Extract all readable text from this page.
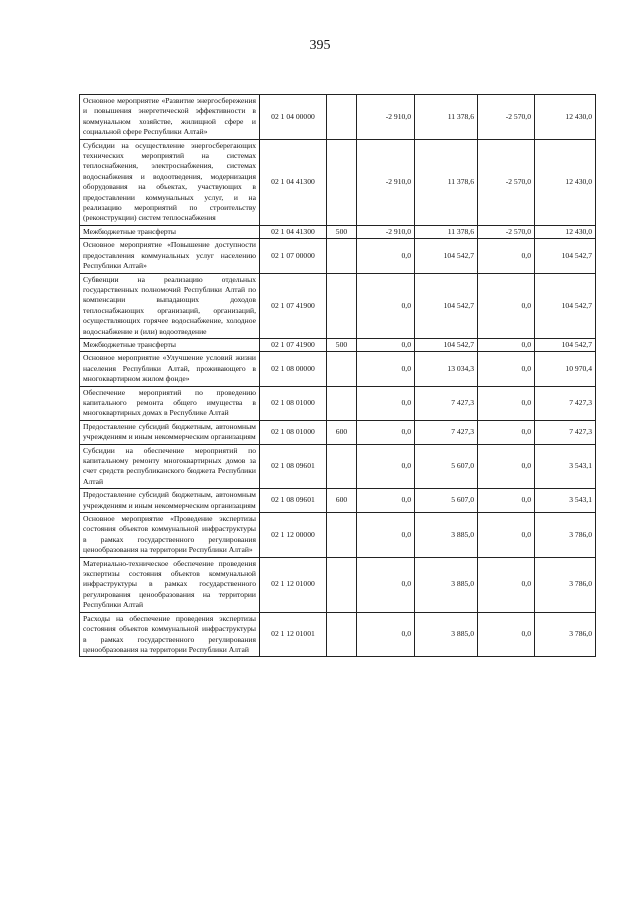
395
Основное мероприятие «Развитие энергосбережения и повышения энергетической эффективности в коммунальном хозяйстве, жилищной сфере и социальной сфере Республики Алтай»	02 1 04 00000		-2 910,0	11 378,6	-2 570,0	12 430,0
Субсидии на осуществление энергосберегающих технических мероприятий на системах теплоснабжения, электроснабжения, системах водоснабжения и водоотведения, модернизация оборудования на объектах, участвующих в предоставлении коммунальных услуг, и на реализацию мероприятий по строительству (реконструкции) систем теплоснабжения	02 1 04 41300		-2 910,0	11 378,6	-2 570,0	12 430,0
Межбюджетные трансферты	02 1 04 41300	500	-2 910,0	11 378,6	-2 570,0	12 430,0
Основное мероприятие «Повышение доступности предоставления коммунальных услуг населению Республики Алтай»	02 1 07 00000		0,0	104 542,7	0,0	104 542,7
Субвенции на реализацию отдельных государственных полномочий Республики Алтай по компенсации выпадающих доходов теплоснабжающих организаций, организаций, осуществляющих горячее водоснабжение, холодное водоснабжение и (или) водоотведение	02 1 07 41900		0,0	104 542,7	0,0	104 542,7
Межбюджетные трансферты	02 1 07 41900	500	0,0	104 542,7	0,0	104 542,7
Основное мероприятие «Улучшение условий жизни населения Республики Алтай, проживающего в многоквартирном жилом фонде»	02 1 08 00000		0,0	13 034,3	0,0	10 970,4
Обеспечение мероприятий по проведению капитального ремонта общего имущества в многоквартирных домах в Республике Алтай	02 1 08 01000		0,0	7 427,3	0,0	7 427,3
Предоставление субсидий бюджетным, автономным учреждениям и иным некоммерческим организациям	02 1 08 01000	600	0,0	7 427,3	0,0	7 427,3
Субсидии на обеспечение мероприятий по капитальному ремонту многоквартирных домов за счет средств республиканского бюджета Республики Алтай	02 1 08 09601		0,0	5 607,0	0,0	3 543,1
Предоставление субсидий бюджетным, автономным учреждениям и иным некоммерческим организациям	02 1 08 09601	600	0,0	5 607,0	0,0	3 543,1
Основное мероприятие «Проведение экспертизы состояния объектов коммунальной инфраструктуры в рамках государственного регулирования ценообразования на территории Республики Алтай»	02 1 12 00000		0,0	3 885,0	0,0	3 786,0
Материально-техническое обеспечение проведения экспертизы состояния объектов коммунальной инфраструктуры в рамках государственного регулирования ценообразования на территории Республики Алтай	02 1 12 01000		0,0	3 885,0	0,0	3 786,0
Расходы на обеспечение проведения экспертизы состояния объектов коммунальной инфраструктуры в рамках государственного регулирования ценообразования на территории Республики Алтай	02 1 12 01001		0,0	3 885,0	0,0	3 786,0
